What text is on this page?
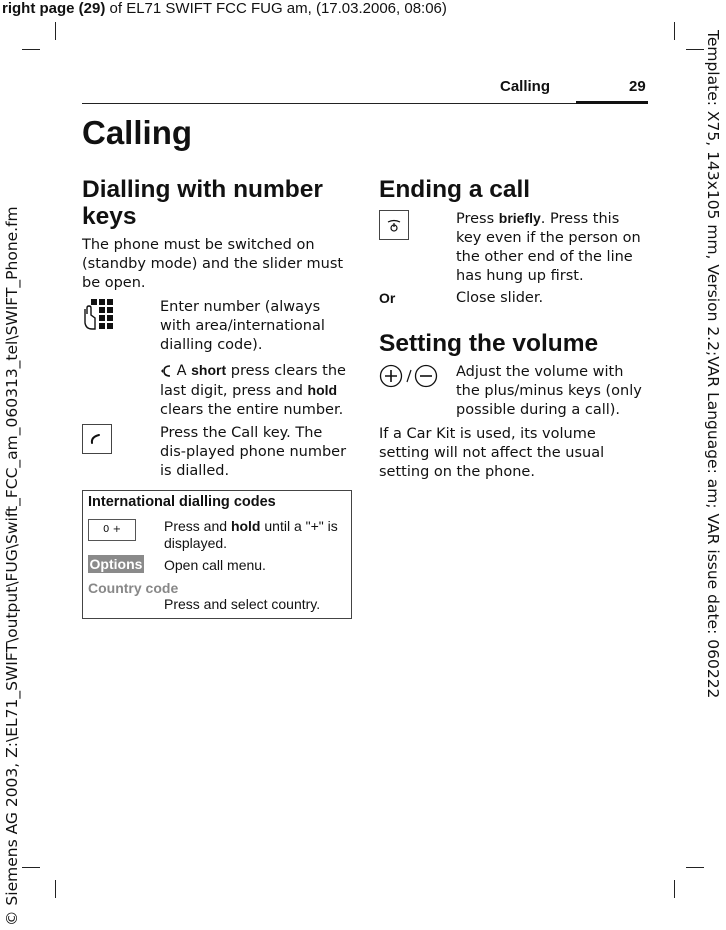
right page (29) of EL71 SWIFT FCC FUG am, (17.03.2006, 08:06)
Template: X75, 143x105 mm, Version 2.2;VAR Language: am; VAR issue date: 060222
© Siemens AG 2003, Z:\EL71_SWIFT\output\FUG\Swift_FCC_am_060313_tel\SWIFT_Phone.fm
Calling	29
Calling
Dialling with number keys
The phone must be switched on (standby mode) and the slider must be open.
Enter number (always with area/international dialling code).
A short press clears the last digit, press and hold clears the entire number.
Press the Call key. The dis-played phone number is dialled.
International dialling codes
0 +	Press and hold until a "+" is displayed.
Options Open call menu.
Country code
Press and select country.
Ending a call
Press briefly. Press this key even if the person on the other end of the line has hung up first.
Or	Close slider.
Setting the volume
Adjust the volume with the plus/minus keys (only possible during a call).
If a Car Kit is used, its volume setting will not affect the usual setting on the phone.
